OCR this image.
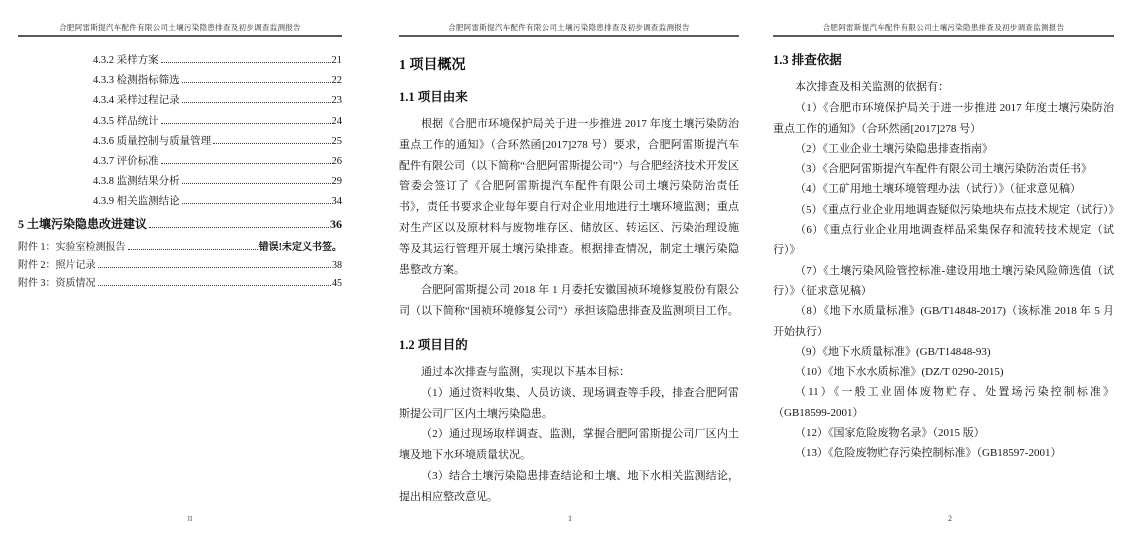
合肥阿雷斯提汽车配件有限公司土壤污染隐患排查及初步调查监测报告
4.3.2 采样方案	21
4.3.3 检测指标筛选	22
4.3.4 采样过程记录	23
4.3.5 样品统计	24
4.3.6 质量控制与质量管理	25
4.3.7 评价标准	26
4.3.8 监测结果分析	29
4.3.9 相关监测结论	34
5 土壤污染隐患改进建议	36
附件 1：实验室检测报告	错误!未定义书签。
附件 2：照片记录	38
附件 3：资质情况	45
II
合肥阿雷斯提汽车配件有限公司土壤污染隐患排查及初步调查监测报告
1 项目概况
1.1 项目由来

根据《合肥市环境保护局关于进一步推进 2017 年度土壤污染防治重点工作的通知》（合环然函[2017]278 号）要求，合肥阿雷斯提汽车配件有限公司（以下简称“合肥阿雷斯提公司”）与合肥经济技术开发区管委会签订了《合肥阿雷斯提汽车配件有限公司土壤污染防治责任书》，责任书要求企业每年要自行对企业用地进行土壤环境监测；重点对生产区以及原材料与废物堆存区、储放区、转运区、污染治理设施等及其运行管理开展土壤污染排查。根据排查情况，制定土壤污染隐患整改方案。

合肥阿雷斯提公司 2018 年 1 月委托安徽国祯环境修复股份有限公司（以下简称“国祯环境修复公司”）承担该隐患排查及监测项目工作。

1.2 项目目的

通过本次排查与监测，实现以下基本目标：

（1）通过资料收集、人员访谈、现场调查等手段，排查合肥阿雷斯提公司厂区内土壤污染隐患。

（2）通过现场取样调查、监测，掌握合肥阿雷斯提公司厂区内土壤及地下水环境质量状况。

（3）结合土壤污染隐患排查结论和土壤、地下水相关监测结论，提出相应整改意见。

1
合肥阿雷斯提汽车配件有限公司土壤污染隐患排查及初步调查监测报告
1.3 排查依据

本次排查及相关监测的依据有：

（1）《合肥市环境保护局关于进一步推进 2017 年度土壤污染防治重点工作的通知》（合环然函[2017]278 号）

（2）《工业企业土壤污染隐患排查指南》

（3）《合肥阿雷斯提汽车配件有限公司土壤污染防治责任书》

（4）《工矿用地土壤环境管理办法（试行）》（征求意见稿）

（5）《重点行业企业用地调查疑似污染地块布点技术规定（试行）》

（6）《重点行业企业用地调查样品采集保存和流转技术规定（试行）》

（7）《土壤污染风险管控标准-建设用地土壤污染风险筛选值（试行）》（征求意见稿）

（8）《地下水质量标准》(GB/T14848-2017)（该标准 2018 年 5 月开始执行）

（9）《地下水质量标准》(GB/T14848-93)

（10）《地下水水质标准》(DZ/T 0290-2015)

（11）《一般工业固体废物贮存、处置场污染控制标准》（GB18599-2001）

（12）《国家危险废物名录》（2015 版）

（13）《危险废物贮存污染控制标准》（GB18597-2001）

2
